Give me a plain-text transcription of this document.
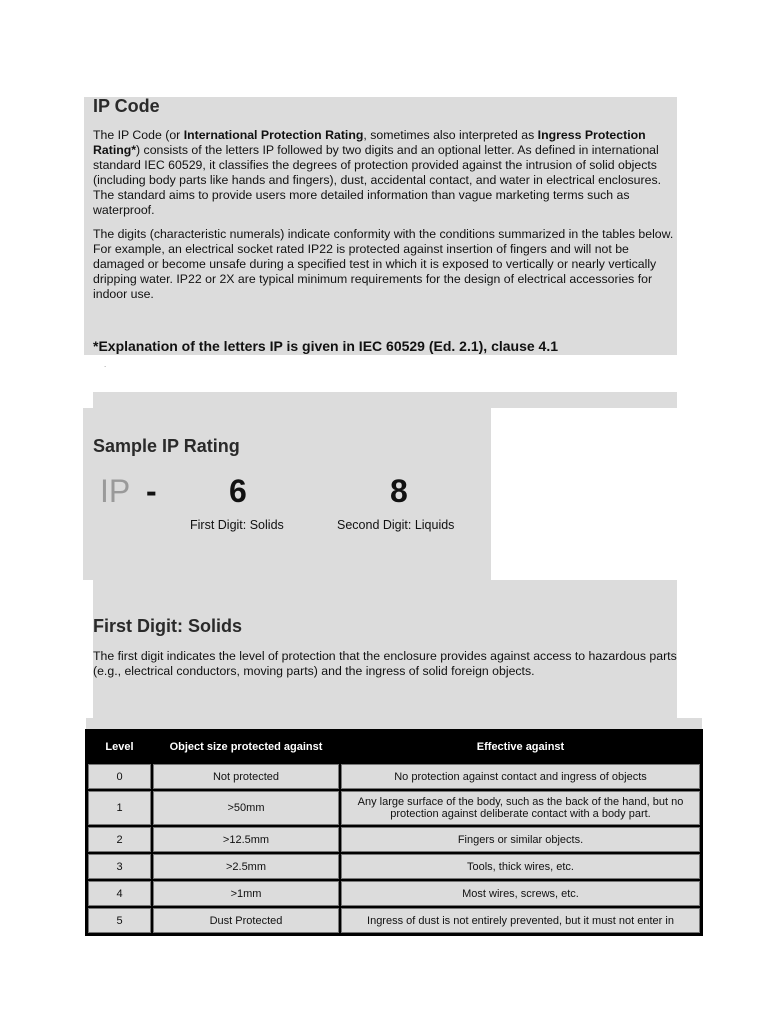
IP Code

The IP Code (or International Protection Rating, sometimes also interpreted as Ingress Protection Rating*) consists of the letters IP followed by two digits and an optional letter. As defined in international standard IEC 60529, it classifies the degrees of protection provided against the intrusion of solid objects (including body parts like hands and fingers), dust, accidental contact, and water in electrical enclosures. The standard aims to provide users more detailed information than vague marketing terms such as waterproof.

The digits (characteristic numerals) indicate conformity with the conditions summarized in the tables below. For example, an electrical socket rated IP22 is protected against insertion of fingers and will not be damaged or become unsafe during a specified test in which it is exposed to vertically or nearly vertically dripping water. IP22 or 2X are typical minimum requirements for the design of electrical accessories for indoor use.

*Explanation of the letters IP is given in IEC 60529 (Ed. 2.1), clause 4.1

.
Sample IP Rating
IP - 6	8
First Digit: Solids	Second Digit: Liquids
First Digit: Solids

The first digit indicates the level of protection that the enclosure provides against access to hazardous parts (e.g., electrical conductors, moving parts) and the ingress of solid foreign objects.

Level	Object size protected against	Effective against
0	Not protected	No protection against contact and ingress of objects
1	>50mm	Any large surface of the body, such as the back of the hand, but no protection against deliberate contact with a body part.
2	>12.5mm	Fingers or similar objects.
3	>2.5mm	Tools, thick wires, etc.
4	>1mm	Most wires, screws, etc.
5	Dust Protected	Ingress of dust is not entirely prevented, but it must not enter in
